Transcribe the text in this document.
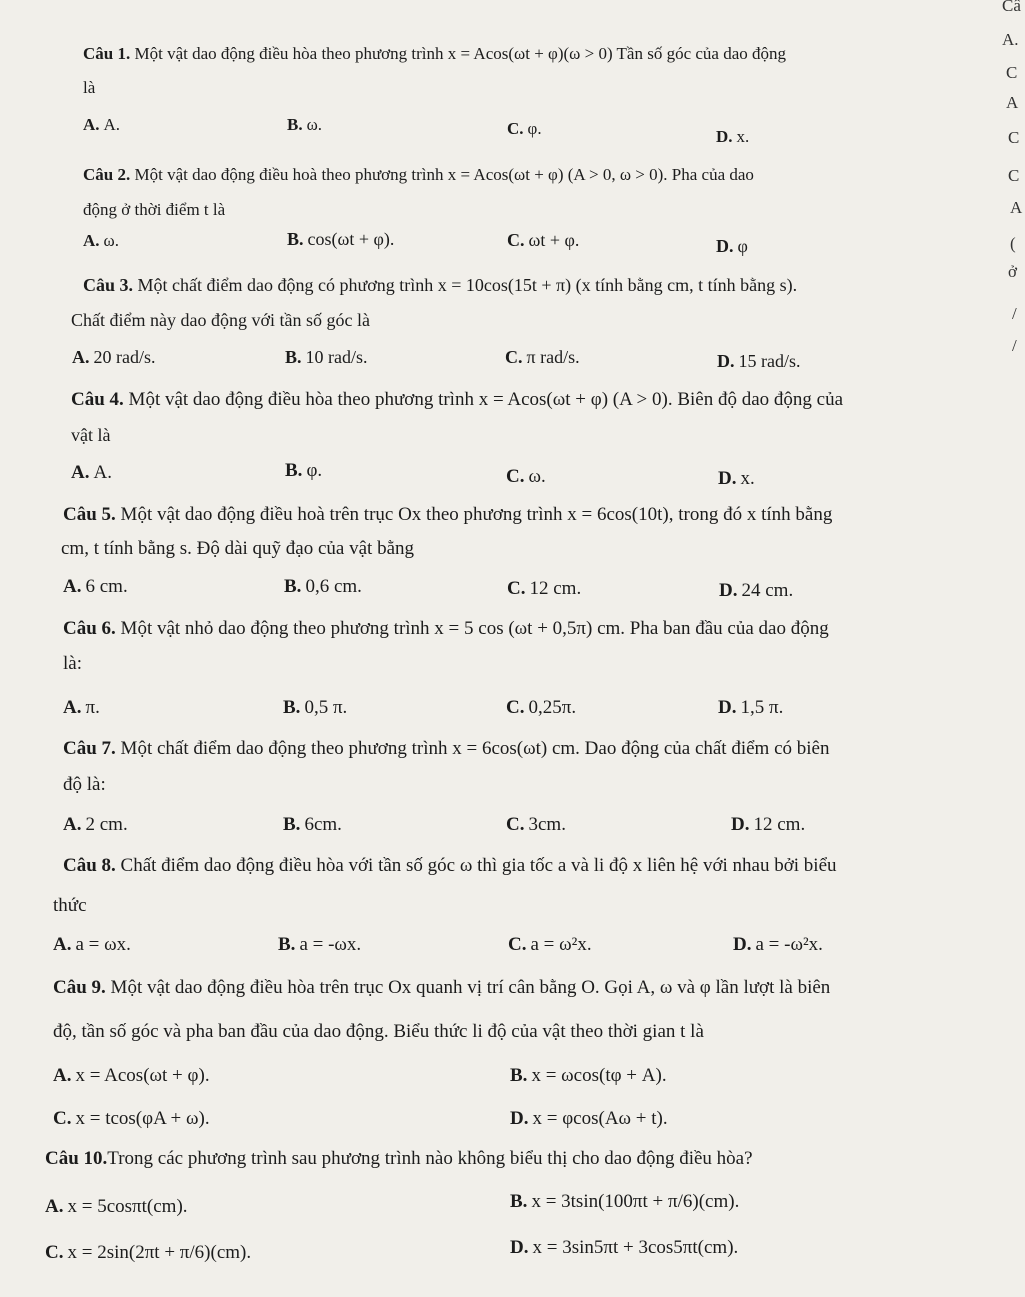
Câ
A.
C
A
C
C
A
(
ở
/
/
Câu 1. Một vật dao động điều hòa theo phương trình x = Acos(ωt + φ)(ω > 0) Tần số góc của dao động
là
A. A.	B. ω.	C. φ.	D. x.
Câu 2. Một vật dao động điều hoà theo phương trình x = Acos(ωt + φ) (A > 0, ω > 0). Pha của dao
động ở thời điểm t là
A. ω.	B. cos(ωt + φ).	C. ωt + φ.	D. φ
Câu 3. Một chất điểm dao động có phương trình x = 10cos(15t + π) (x tính bằng cm, t tính bằng s).
Chất điểm này dao động với tần số góc là
A. 20 rad/s.	B. 10 rad/s.	C. π rad/s.	D. 15 rad/s.
Câu 4. Một vật dao động điều hòa theo phương trình x = Acos(ωt + φ) (A > 0). Biên độ dao động của
vật là
A. A.	B. φ.	C. ω.	D. x.
Câu 5. Một vật dao động điều hoà trên trục Ox theo phương trình x = 6cos(10t), trong đó x tính bằng
cm, t tính bằng s. Độ dài quỹ đạo của vật bằng
A. 6 cm.	B. 0,6 cm.	C. 12 cm.	D. 24 cm.
Câu 6. Một vật nhỏ dao động theo phương trình x = 5 cos (ωt + 0,5π) cm. Pha ban đầu của dao động
là:
A. π.	B. 0,5 π.	C. 0,25π.	D. 1,5 π.
Câu 7. Một chất điểm dao động theo phương trình x = 6cos(ωt) cm. Dao động của chất điểm có biên
độ là:
A. 2 cm.	B. 6cm.	C. 3cm.	D. 12 cm.
Câu 8. Chất điểm dao động điều hòa với tần số góc ω thì gia tốc a và li độ x liên hệ với nhau bởi biểu
thức
A. a = ωx.	B. a = -ωx.	C. a = ω²x.	D. a = -ω²x.
Câu 9. Một vật dao động điều hòa trên trục Ox quanh vị trí cân bằng O. Gọi A, ω và φ lần lượt là biên
độ, tần số góc và pha ban đầu của dao động. Biểu thức li độ của vật theo thời gian t là
A. x = Acos(ωt + φ).	B. x = ωcos(tφ + A).
C. x = tcos(φA + ω).	D. x = φcos(Aω + t).
Câu 10.Trong các phương trình sau phương trình nào không biểu thị cho dao động điều hòa?
A. x = 5cosπt(cm).	B. x = 3tsin(100πt + π/6)(cm).
C. x = 2sin(2πt + π/6)(cm).	D. x = 3sin5πt + 3cos5πt(cm).
